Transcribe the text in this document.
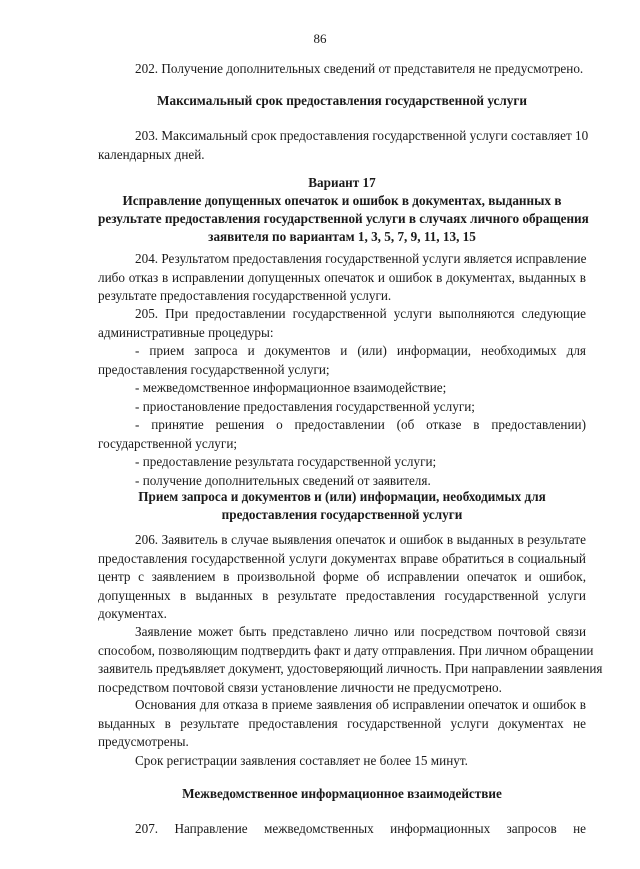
86
202. Получение дополнительных сведений от представителя не предусмотрено.
Максимальный срок предоставления государственной услуги
203. Максимальный срок предоставления государственной услуги составляет 10
календарных дней.
Вариант 17
Исправление допущенных опечаток и ошибок в документах, выданных в
результате предоставления государственной услуги в случаях личного обращения
заявителя по вариантам 1, 3, 5, 7, 9, 11, 13, 15
204. Результатом предоставления государственной услуги является исправление
либо отказ в исправлении допущенных опечаток и ошибок в документах, выданных в
результате предоставления государственной услуги.
205. При предоставлении государственной услуги выполняются следующие
административные процедуры:
- прием запроса и документов и (или) информации, необходимых для
предоставления государственной услуги;
- межведомственное информационное взаимодействие;
- приостановление предоставления государственной услуги;
- принятие решения о предоставлении (об отказе в предоставлении)
государственной услуги;
- предоставление результата государственной услуги;
- получение дополнительных сведений от заявителя.
Прием запроса и документов и (или) информации, необходимых для
предоставления государственной услуги
206. Заявитель в случае выявления опечаток и ошибок в выданных в результате
предоставления государственной услуги документах вправе обратиться в социальный
центр с заявлением в произвольной форме об исправлении опечаток и ошибок,
допущенных в выданных в результате предоставления государственной услуги
документах.
Заявление может быть представлено лично или посредством почтовой связи
способом, позволяющим подтвердить факт и дату отправления. При личном обращении
заявитель предъявляет документ, удостоверяющий личность. При направлении заявления
посредством почтовой связи установление личности не предусмотрено.
Основания для отказа в приеме заявления об исправлении опечаток и ошибок в
выданных в результате предоставления государственной услуги документах не
предусмотрены.
Срок регистрации заявления составляет не более 15 минут.
Межведомственное информационное взаимодействие
207. Направление межведомственных информационных запросов не
